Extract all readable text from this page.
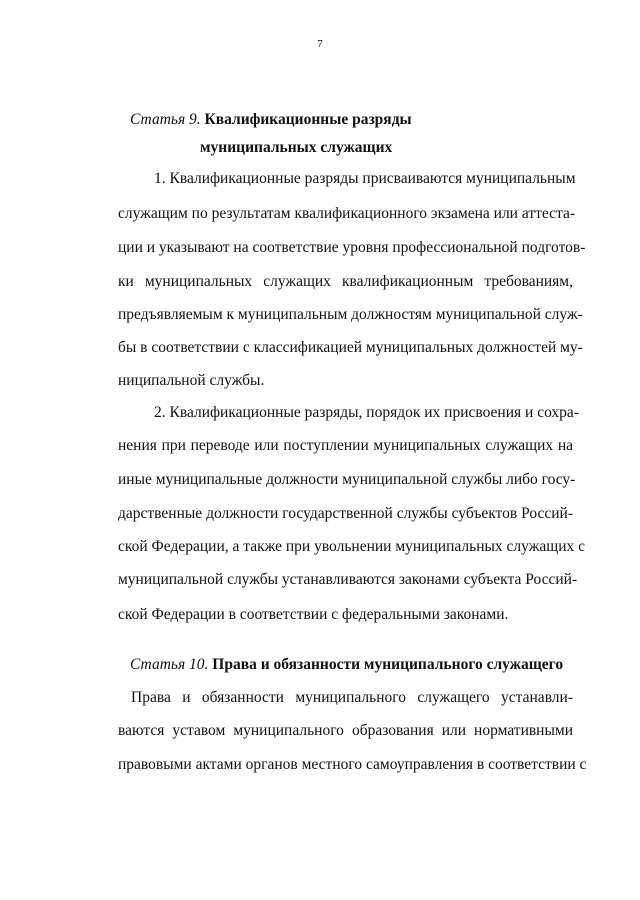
7
Статья 9. Квалификационные разряды
муниципальных служащих
1. Квалификационные разряды присваиваются муниципальным
служащим по результатам квалификационного экзамена или аттеста-
ции и указывают на соответствие уровня профессиональной подготов-
ки муниципальных служащих квалификационным требованиям,
предъявляемым к муниципальным должностям муниципальной служ-
бы в соответствии с классификацией муниципальных должностей му-
ниципальной службы.
2. Квалификационные разряды, порядок их присвоения и сохра-
нения при переводе или поступлении муниципальных служащих на
иные муниципальные должности муниципальной службы либо госу-
дарственные должности государственной службы субъектов Россий-
ской Федерации, а также при увольнении муниципальных служащих с
муниципальной службы устанавливаются законами субъекта Россий-
ской Федерации в соответствии с федеральными законами.
Статья 10. Права и обязанности муниципального служащего
Права и обязанности муниципального служащего устанавли-
ваются уставом муниципального образования или нормативными
правовыми актами органов местного самоуправления в соответствии с
